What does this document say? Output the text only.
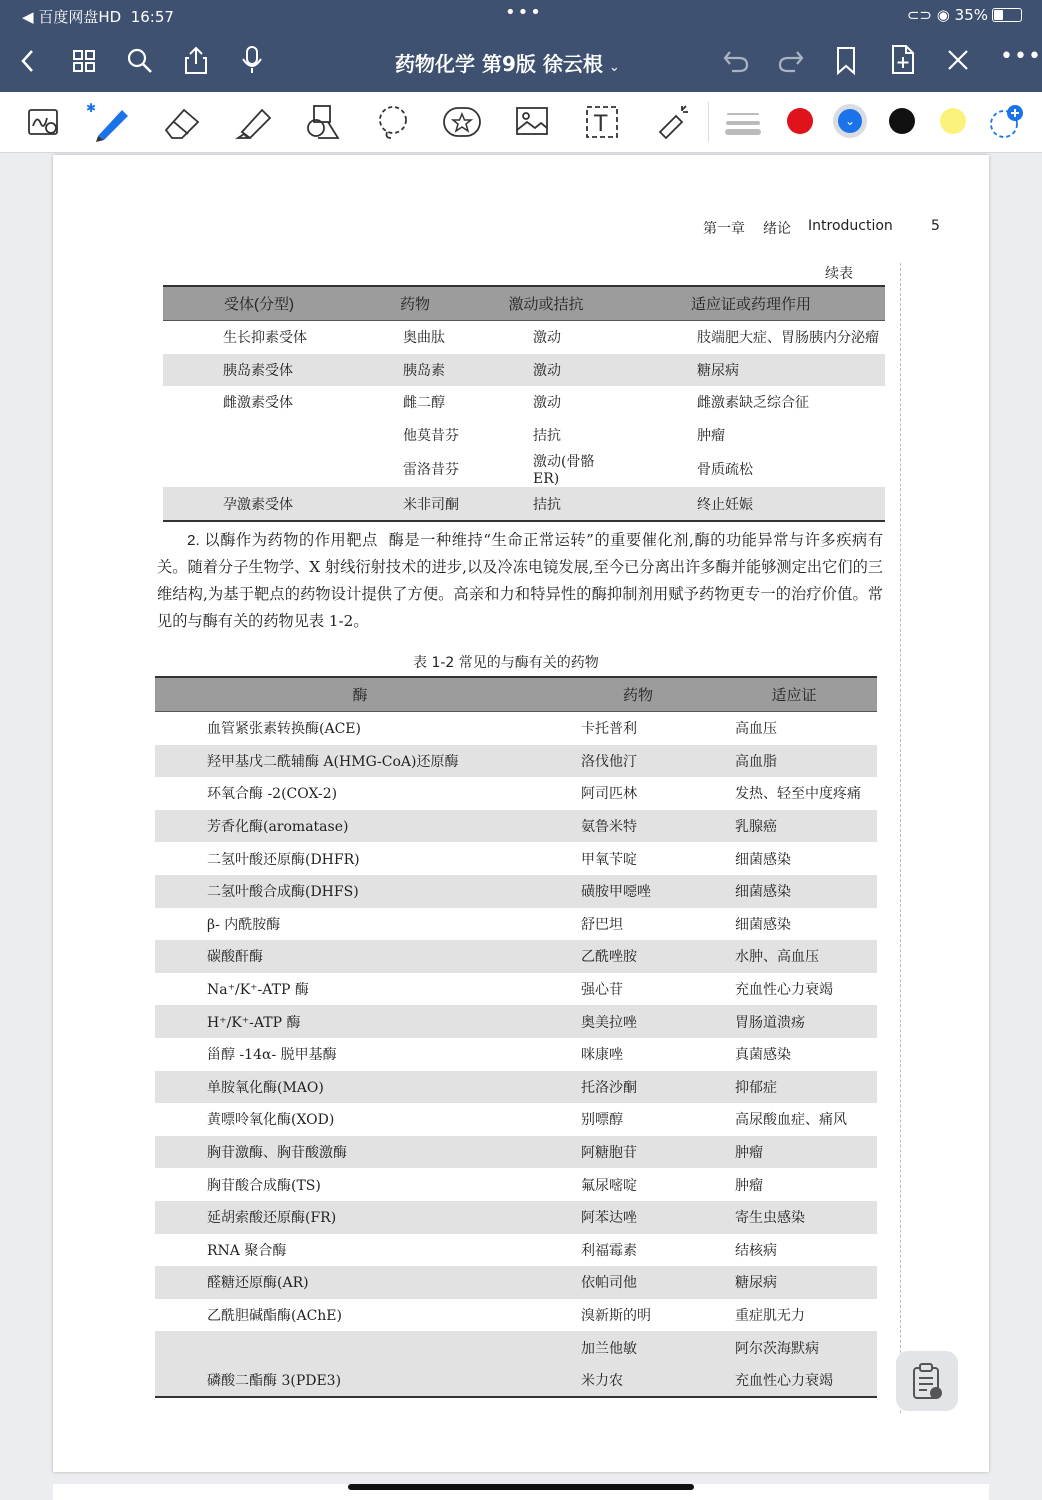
◀ 百度网盘HD 16:57	•••	⊂⊃ ◉ 35%
药物化学 第9版 徐云根 ⌄	•••
✱
T	⌄
第一章 绪论 Introduction	5
续表
受体(分型)	药物	激动或拮抗	适应证或药理作用
生长抑素受体	奥曲肽	激动	肢端肥大症、胃肠胰内分泌瘤
胰岛素受体	胰岛素	激动	糖尿病
雌激素受体	雌二醇	激动	雌激素缺乏综合征
	他莫昔芬	拮抗	肿瘤
	雷洛昔芬	激动(骨骼 ER)	骨质疏松
孕激素受体	米非司酮	拮抗	终止妊娠
2. 以酶作为药物的作用靶点 酶是一种维持“生命正常运转”的重要催化剂,酶的功能异常与许多疾病有关。随着分子生物学、X 射线衍射技术的进步,以及冷冻电镜发展,至今已分离出许多酶并能够测定出它们的三维结构,为基于靶点的药物设计提供了方便。高亲和力和特异性的酶抑制剂用赋予药物更专一的治疗价值。常见的与酶有关的药物见表 1-2。
表 1-2 常见的与酶有关的药物
酶	药物	适应证
血管紧张素转换酶(ACE)	卡托普利	高血压
羟甲基戊二酰辅酶 A(HMG-CoA)还原酶	洛伐他汀	高血脂
环氧合酶 -2(COX-2)	阿司匹林	发热、轻至中度疼痛
芳香化酶(aromatase)	氨鲁米特	乳腺癌
二氢叶酸还原酶(DHFR)	甲氧苄啶	细菌感染
二氢叶酸合成酶(DHFS)	磺胺甲噁唑	细菌感染
β- 内酰胺酶	舒巴坦	细菌感染
碳酸酐酶	乙酰唑胺	水肿、高血压
Na⁺/K⁺-ATP 酶	强心苷	充血性心力衰竭
H⁺/K⁺-ATP 酶	奥美拉唑	胃肠道溃疡
甾醇 -14α- 脱甲基酶	咪康唑	真菌感染
单胺氧化酶(MAO)	托洛沙酮	抑郁症
黄嘌呤氧化酶(XOD)	别嘌醇	高尿酸血症、痛风
胸苷激酶、胸苷酸激酶	阿糖胞苷	肿瘤
胸苷酸合成酶(TS)	氟尿嘧啶	肿瘤
延胡索酸还原酶(FR)	阿苯达唑	寄生虫感染
RNA 聚合酶	利福霉素	结核病
醛糖还原酶(AR)	依帕司他	糖尿病
乙酰胆碱酯酶(AChE)	溴新斯的明	重症肌无力
	加兰他敏	阿尔茨海默病
磷酸二酯酶 3(PDE3)	米力农	充血性心力衰竭
